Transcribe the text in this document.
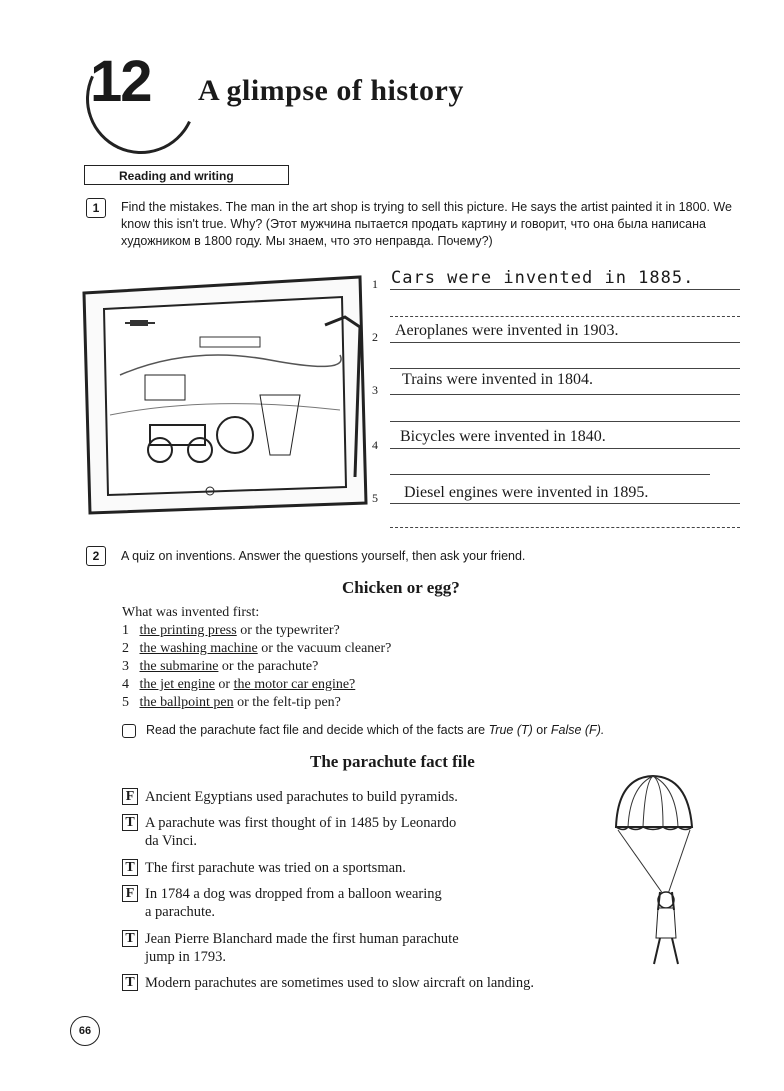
12 A glimpse of history
Reading and writing
1	Find the mistakes. The man in the art shop is trying to sell this picture. He says the artist painted it in 1800. We know this isn't true. Why? (Этот мужчина пытается продать картину и говорит, что она была написана художником в 1800 году. Мы знаем, что это неправда. Почему?)
1 Cars were invented in 1885.
2 Aeroplanes were invented in 1903.
3
Trains were invented in 1804.
4 Bicycles were invented in 1840.
5 Diesel engines were invented in 1895.
2	A quiz on inventions. Answer the questions yourself, then ask your friend.
Chicken or egg?
What was invented first:
1 the printing press or the typewriter?
2 the washing machine or the vacuum cleaner?
3 the submarine or the parachute?
4 the jet engine or the motor car engine?
5 the ballpoint pen or the felt-tip pen?
Read the parachute fact file and decide which of the facts are True (T) or False (F).
The parachute fact file
F Ancient Egyptians used parachutes to build pyramids.
T A parachute was first thought of in 1485 by Leonardo
da Vinci.
T The first parachute was tried on a sportsman.
F In 1784 a dog was dropped from a balloon wearing
a parachute.
T Jean Pierre Blanchard made the first human parachute
jump in 1793.
T Modern parachutes are sometimes used to slow aircraft on landing.
66
